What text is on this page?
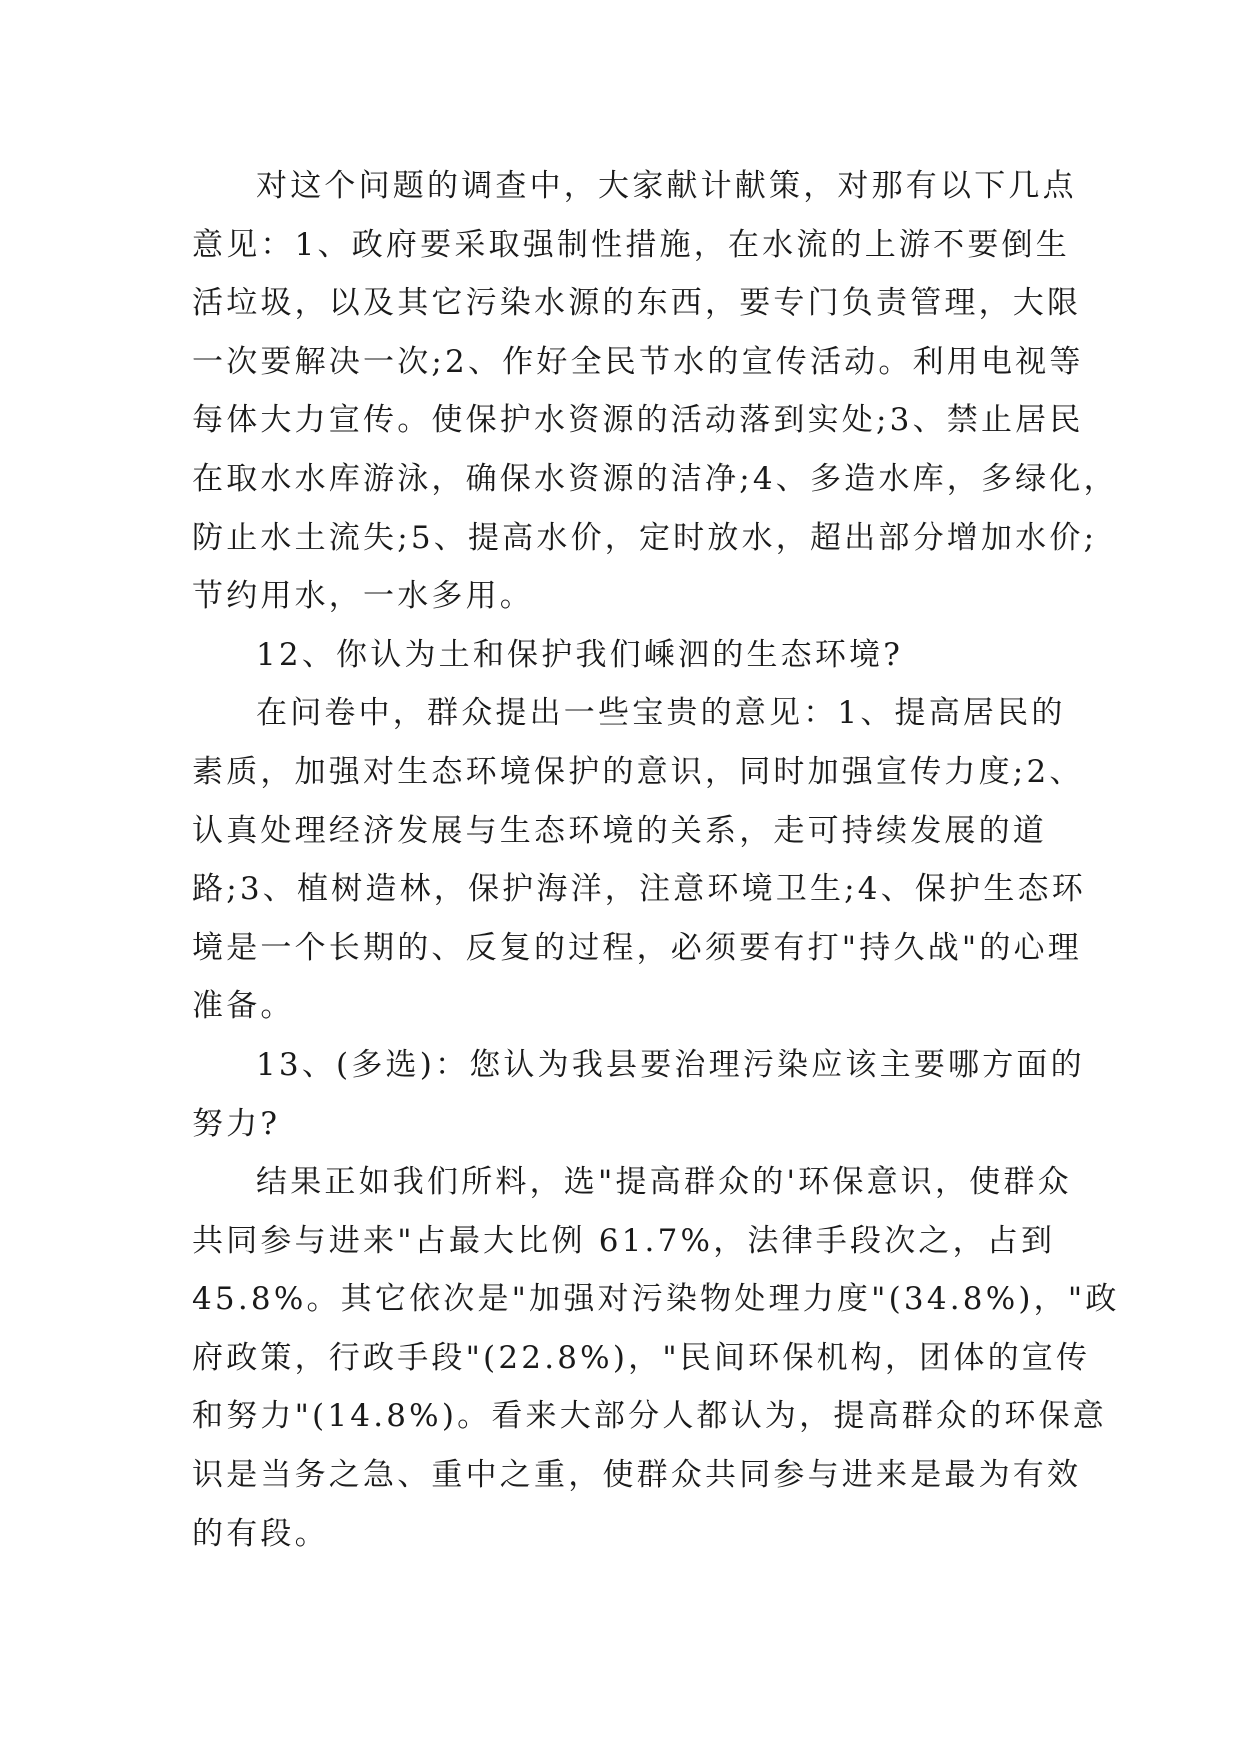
对这个问题的调查中，大家献计献策，对那有以下几点
意见：1、政府要采取强制性措施，在水流的上游不要倒生
活垃圾，以及其它污染水源的东西，要专门负责管理，大限
一次要解决一次;2、作好全民节水的宣传活动。利用电视等
每体大力宣传。使保护水资源的活动落到实处;3、禁止居民
在取水水库游泳，确保水资源的洁净;4、多造水库，多绿化，
防止水土流失;5、提高水价，定时放水，超出部分增加水价;
节约用水，一水多用。
12、你认为土和保护我们嵊泗的生态环境?
在问卷中，群众提出一些宝贵的意见：1、提高居民的
素质，加强对生态环境保护的意识，同时加强宣传力度;2、
认真处理经济发展与生态环境的关系，走可持续发展的道
路;3、植树造林，保护海洋，注意环境卫生;4、保护生态环
境是一个长期的、反复的过程，必须要有打"持久战"的心理
准备。
13、(多选)：您认为我县要治理污染应该主要哪方面的
努力?
结果正如我们所料，选"提高群众的'环保意识，使群众
共同参与进来"占最大比例 61.7%，法律手段次之，占到
45.8%。其它依次是"加强对污染物处理力度"(34.8%)，"政
府政策，行政手段"(22.8%)，"民间环保机构，团体的宣传
和努力"(14.8%)。看来大部分人都认为，提高群众的环保意
识是当务之急、重中之重，使群众共同参与进来是最为有效
的有段。
